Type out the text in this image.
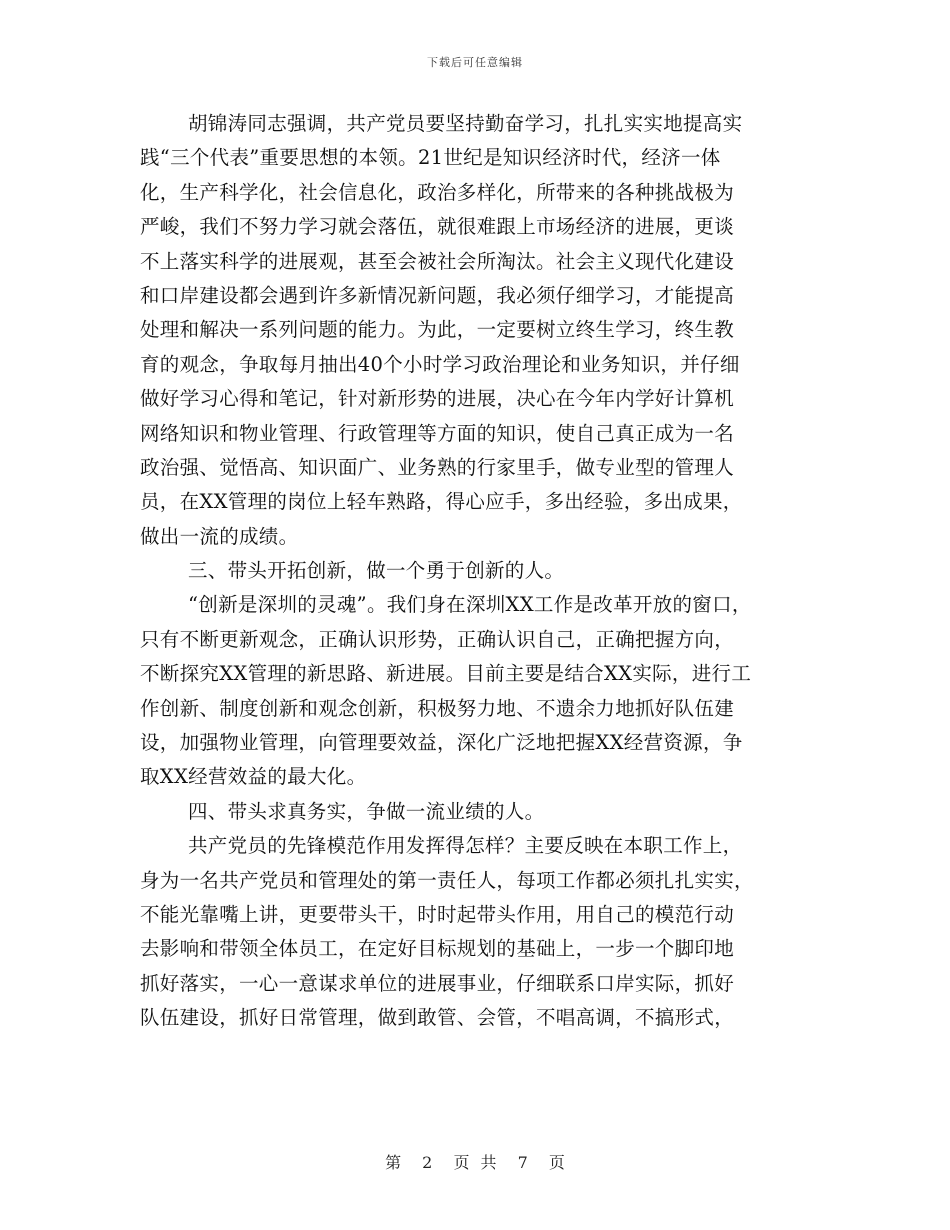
下载后可任意编辑
胡锦涛同志强调，共产党员要坚持勤奋学习，扎扎实实地提高实
践“三个代表”重要思想的本领。21世纪是知识经济时代，经济一体
化，生产科学化，社会信息化，政治多样化，所带来的各种挑战极为
严峻，我们不努力学习就会落伍，就很难跟上市场经济的进展，更谈
不上落实科学的进展观，甚至会被社会所淘汰。社会主义现代化建设
和口岸建设都会遇到许多新情况新问题，我必须仔细学习，才能提高
处理和解决一系列问题的能力。为此，一定要树立终生学习，终生教
育的观念，争取每月抽出40个小时学习政治理论和业务知识，并仔细
做好学习心得和笔记，针对新形势的进展，决心在今年内学好计算机
网络知识和物业管理、行政管理等方面的知识，使自己真正成为一名
政治强、觉悟高、知识面广、业务熟的行家里手，做专业型的管理人
员，在XX管理的岗位上轻车熟路，得心应手，多出经验，多出成果，
做出一流的成绩。
三、带头开拓创新，做一个勇于创新的人。
“创新是深圳的灵魂”。我们身在深圳XX工作是改革开放的窗口，
只有不断更新观念，正确认识形势，正确认识自己，正确把握方向，
不断探究XX管理的新思路、新进展。目前主要是结合XX实际，进行工
作创新、制度创新和观念创新，积极努力地、不遗余力地抓好队伍建
设，加强物业管理，向管理要效益，深化广泛地把握XX经营资源，争
取XX经营效益的最大化。
四、带头求真务实，争做一流业绩的人。
共产党员的先锋模范作用发挥得怎样？主要反映在本职工作上，
身为一名共产党员和管理处的第一责任人，每项工作都必须扎扎实实，
不能光靠嘴上讲，更要带头干，时时起带头作用，用自己的模范行动
去影响和带领全体员工，在定好目标规划的基础上，一步一个脚印地
抓好落实，一心一意谋求单位的进展事业，仔细联系口岸实际，抓好
队伍建设，抓好日常管理，做到敢管、会管，不唱高调，不搞形式，
第 2 页 共 7 页
